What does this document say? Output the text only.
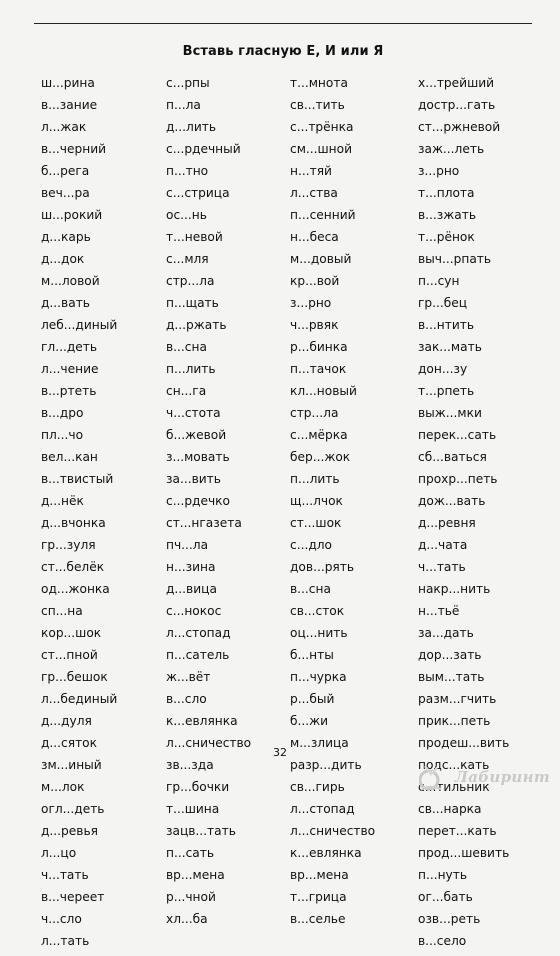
Вставь гласную Е, И или Я
ш...рина
в...зание
л...жак
в...черний
б...рега
веч...ра
ш...рокий
д...карь
д...док
м...ловой
д...вать
леб...диный
гл...деть
л...чение
в...ртеть
в...дро
пл...чо
вел...кан
в...твистый
д...нёк
д...вчонка
гр...зуля
ст...белёк
од...жонка
сп...на
кор...шок
ст...пной
гр...бешок
л...бединый
д...дуля
д...сяток
зм...иный
м...лок
огл...деть
д...ревья
л...цо
ч...тать
в...череет
ч...сло
л...тать
с...рпы
п...ла
д...лить
с...рдечный
п...тно
с...стрица
ос...нь
т...невой
с...мля
стр...ла
п...щать
д...ржать
в...сна
п...лить
сн...га
ч...стота
б...жевой
з...мовать
за...вить
с...рдечко
ст...нгазета
пч...ла
н...зина
д...вица
с...нокос
л...стопад
п...сатель
ж...вёт
в...сло
к...евлянка
л...сничество
зв...зда
гр...бочки
т...шина
зацв...тать
п...сать
вр...мена
р...чной
хл...ба
т...мнота
св...тить
с...трёнка
см...шной
н...тяй
л...ства
п...сенний
н...беса
м...довый
кр...вой
з...рно
ч...рвяк
р...бинка
п...тачок
кл...новый
стр...ла
с...мёрка
бер...жок
п...лить
щ...лчок
ст...шок
с...дло
дов...рять
в...сна
св...сток
оц...нить
б...нты
п...чурка
р...бый
б...жи
м...злица
разр...дить
св...гирь
л...стопад
л...сничество
к...евлянка
вр...мена
т...грица
в...селье
х...трейший
достр...гать
ст...ржневой
заж...леть
з...рно
т...плота
в...зжать
т...рёнок
выч...рпать
п...сун
гр...бец
в...нтить
зак...мать
дон...зу
т...рпеть
выж...мки
перек...сать
сб...ваться
прохр...петь
дож...вать
д...ревня
д...чата
ч...тать
накр...нить
н...тьё
за...дать
дор...зать
вым...тать
разм...гчить
прик...петь
продеш...вить
подс...кать
с...тильник
св...нарка
перет...кать
прод...шевить
п...нуть
ог...бать
озв...реть
в...село
32
Лабиринт
